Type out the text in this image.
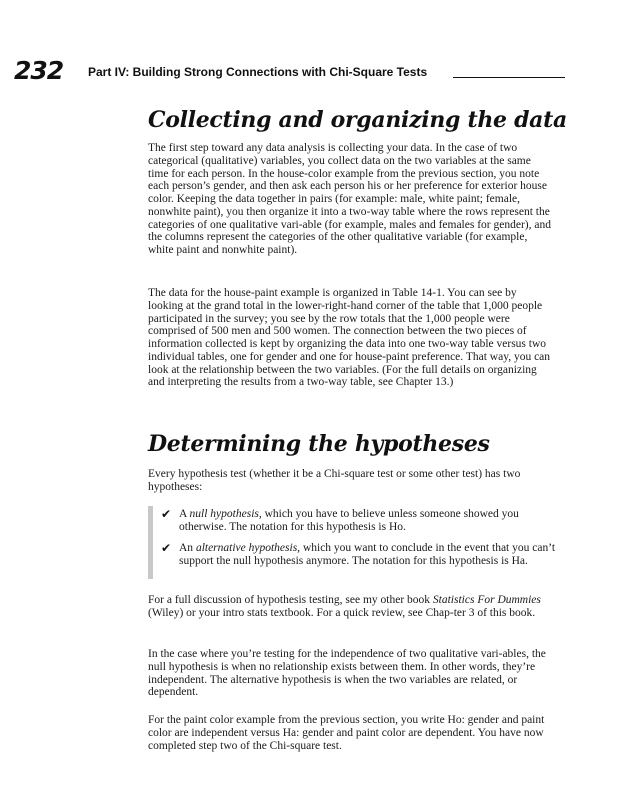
232 Part IV: Building Strong Connections with Chi-Square Tests
Collecting and organizing the data

The first step toward any data analysis is collecting your data. In the case of two categorical (qualitative) variables, you collect data on the two variables at the same time for each person. In the house-color example from the previous section, you note each person’s gender, and then ask each person his or her preference for exterior house color. Keeping the data together in pairs (for example: male, white paint; female, nonwhite paint), you then organize it into a two-way table where the rows represent the categories of one qualitative vari-able (for example, males and females for gender), and the columns represent the categories of the other qualitative variable (for example, white paint and nonwhite paint).

The data for the house-paint example is organized in Table 14-1. You can see by looking at the grand total in the lower-right-hand corner of the table that 1,000 people participated in the survey; you see by the row totals that the 1,000 people were comprised of 500 men and 500 women. The connection between the two pieces of information collected is kept by organizing the data into one two-way table versus two individual tables, one for gender and one for house-paint preference. That way, you can look at the relationship between the two variables. (For the full details on organizing and interpreting the results from a two-way table, see Chapter 13.)

Determining the hypotheses

Every hypothesis test (whether it be a Chi-square test or some other test) has two hypotheses:

✔ A null hypothesis, which you have to believe unless someone showed you otherwise. The notation for this hypothesis is Ho.
✔ An alternative hypothesis, which you want to conclude in the event that you can’t support the null hypothesis anymore. The notation for this hypothesis is Ha.

For a full discussion of hypothesis testing, see my other book Statistics For Dummies (Wiley) or your intro stats textbook. For a quick review, see Chap-ter 3 of this book.

In the case where you’re testing for the independence of two qualitative vari-ables, the null hypothesis is when no relationship exists between them. In other words, they’re independent. The alternative hypothesis is when the two variables are related, or dependent.

For the paint color example from the previous section, you write Ho: gender and paint color are independent versus Ha: gender and paint color are dependent. You have now completed step two of the Chi-square test.
